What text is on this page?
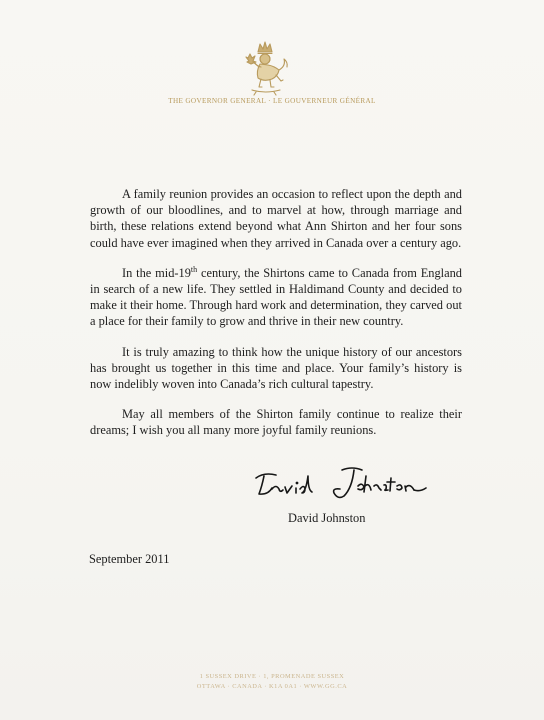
THE GOVERNOR GENERAL · LE GOUVERNEUR GÉNÉRAL

A family reunion provides an occasion to reflect upon the depth and growth of our bloodlines, and to marvel at how, through marriage and birth, these relations extend beyond what Ann Shirton and her four sons could have ever imagined when they arrived in Canada over a century ago.

In the mid-19th century, the Shirtons came to Canada from England in search of a new life. They settled in Haldimand County and decided to make it their home. Through hard work and determination, they carved out a place for their family to grow and thrive in their new country.

It is truly amazing to think how the unique history of our ancestors has brought us together in this time and place. Your family’s history is now indelibly woven into Canada’s rich cultural tapestry.

May all members of the Shirton family continue to realize their dreams; I wish you all many more joyful family reunions.

David Johnston
September 2011
1 SUSSEX DRIVE · 1, PROMENADE SUSSEX
OTTAWA · CANADA · K1A 0A1 · WWW.GG.CA
